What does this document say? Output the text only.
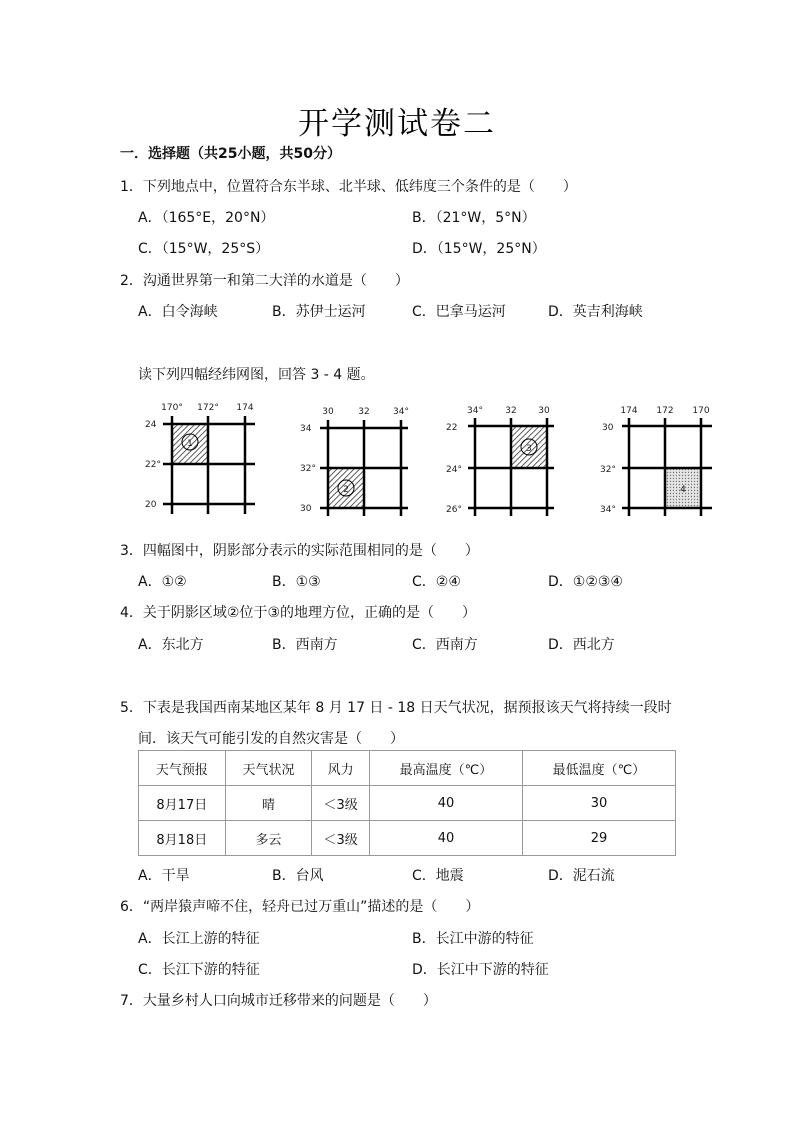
开学测试卷二
一．选择题（共25小题，共50分）
1．下列地点中，位置符合东半球、北半球、低纬度三个条件的是（　　）
A．（165°E，20°N）	B．（21°W，5°N）
C．（15°W，25°S）	D．（15°W，25°N）
2．沟通世界第一和第二大洋的水道是（　　）
A．白令海峡	B．苏伊士运河	C．巴拿马运河	D．英吉利海峡
读下列四幅经纬网图，回答 3 - 4 题。
1
170° 172° 174
24
22°
20
2
30	32	34°
34
32°
30
3
34° 32 30
22
24°
26°
4
174 172 170
30
32°
34°
3．四幅图中，阴影部分表示的实际范围相同的是（　　）
A．①②	B．①③	C．②④	D．①②③④
4．关于阴影区域②位于③的地理方位，正确的是（　　）
A．东北方	B．西南方	C．西南方	D．西北方
5．下表是我国西南某地区某年 8 月 17 日 - 18 日天气状况，据预报该天气将持续一段时
间．该天气可能引发的自然灾害是（　　）
天气预报	天气状况	风力	最高温度（℃）	最低温度（℃）
8月17日	晴	＜3级	40	30
8月18日	多云	＜3级	40	29
A．干旱	B．台风	C．地震	D．泥石流
6．“两岸猿声啼不住，轻舟已过万重山”描述的是（　　）
A．长江上游的特征	B．长江中游的特征
C．长江下游的特征	D．长江中下游的特征
7．大量乡村人口向城市迁移带来的问题是（　　）
